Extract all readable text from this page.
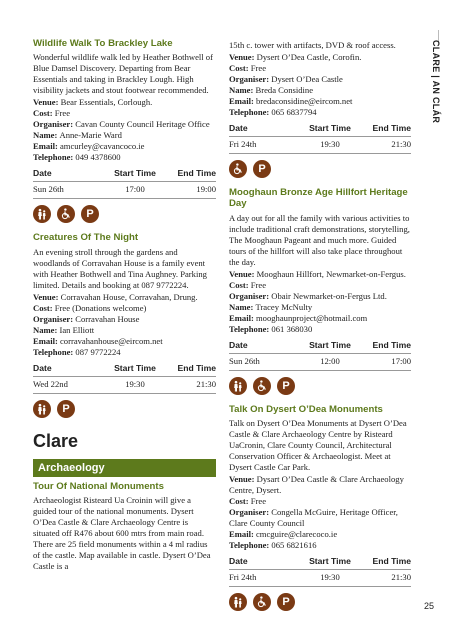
CLARE | AN CLÁR
Wildlife Walk To Brackley Lake
Wonderful wildlife walk led by Heather Bothwell of Blue Damsel Discovery. Departing from Bear Essentials and taking in Brackley Lough. High visibility jackets and stout footwear recommended.
Venue: Bear Essentials, Corlough.
Cost: Free
Organiser: Cavan County Council Heritage Office
Name: Anne-Marie Ward
Email: amcurley@cavancoco.ie
Telephone: 049 4378600
Date	Start Time	End Time
Sun 26th	17:00	19:00
P
Creatures Of The Night
An evening stroll through the gardens and woodlands of Corravahan House is a family event with Heather Bothwell and Tina Aughney. Parking limited. Details and booking at 087 9772224.
Venue: Corravahan House, Corravahan, Drung.
Cost: Free (Donations welcome)
Organiser: Corravahan House
Name: Ian Elliott
Email: corravahanhouse@eircom.net
Telephone: 087 9772224
Date	Start Time	End Time
Wed 22nd	19:30	21:30
P
Clare
Archaeology
Tour Of National Monuments
Archaeologist Risteard Ua Croinin will give a guided tour of the national monuments. Dysert O’Dea Castle & Clare Archaeology Centre is situated off R476 about 600 mtrs from main road. There are 25 field monuments within a 4 ml radius of the castle. Map available in castle. Dysert O’Dea Castle is a
15th c. tower with artifacts, DVD & roof access.
Venue: Dysert O’Dea Castle, Corofin.
Cost: Free
Organiser: Dysert O’Dea Castle
Name: Breda Considine
Email: bredaconsidine@eircom.net
Telephone: 065 6837794
Date	Start Time	End Time
Fri 24th	19:30	21:30
P
Mooghaun Bronze Age Hillfort Heritage Day
A day out for all the family with various activities to include traditional craft demonstrations, storytelling, The Mooghaun Pageant and much more. Guided tours of the hillfort will also take place throughout the day.
Venue: Mooghaun Hillfort, Newmarket-on-Fergus.
Cost: Free
Organiser: Obair Newmarket-on-Fergus Ltd.
Name: Tracey McNulty
Email: mooghaunproject@hotmail.com
Telephone: 061 368030
Date	Start Time	End Time
Sun 26th	12:00	17:00
P
Talk On Dysert O’Dea Monuments
Talk on Dysert O’Dea Monuments at Dysert O’Dea Castle & Clare Archaeology Centre by Risteard UaCronin, Clare County Council, Architectural Conservation Officer & Archaeologist. Meet at Dysert Castle Car Park.
Venue: Dysart O’Dea Castle & Clare Archaeology Centre, Dysert.
Cost: Free
Organiser: Congella McGuire, Heritage Officer, Clare County Council
Email: cmcguire@clarecoco.ie
Telephone: 065 6821616
Date	Start Time	End Time
Fri 24th	19:30	21:30
P	25
